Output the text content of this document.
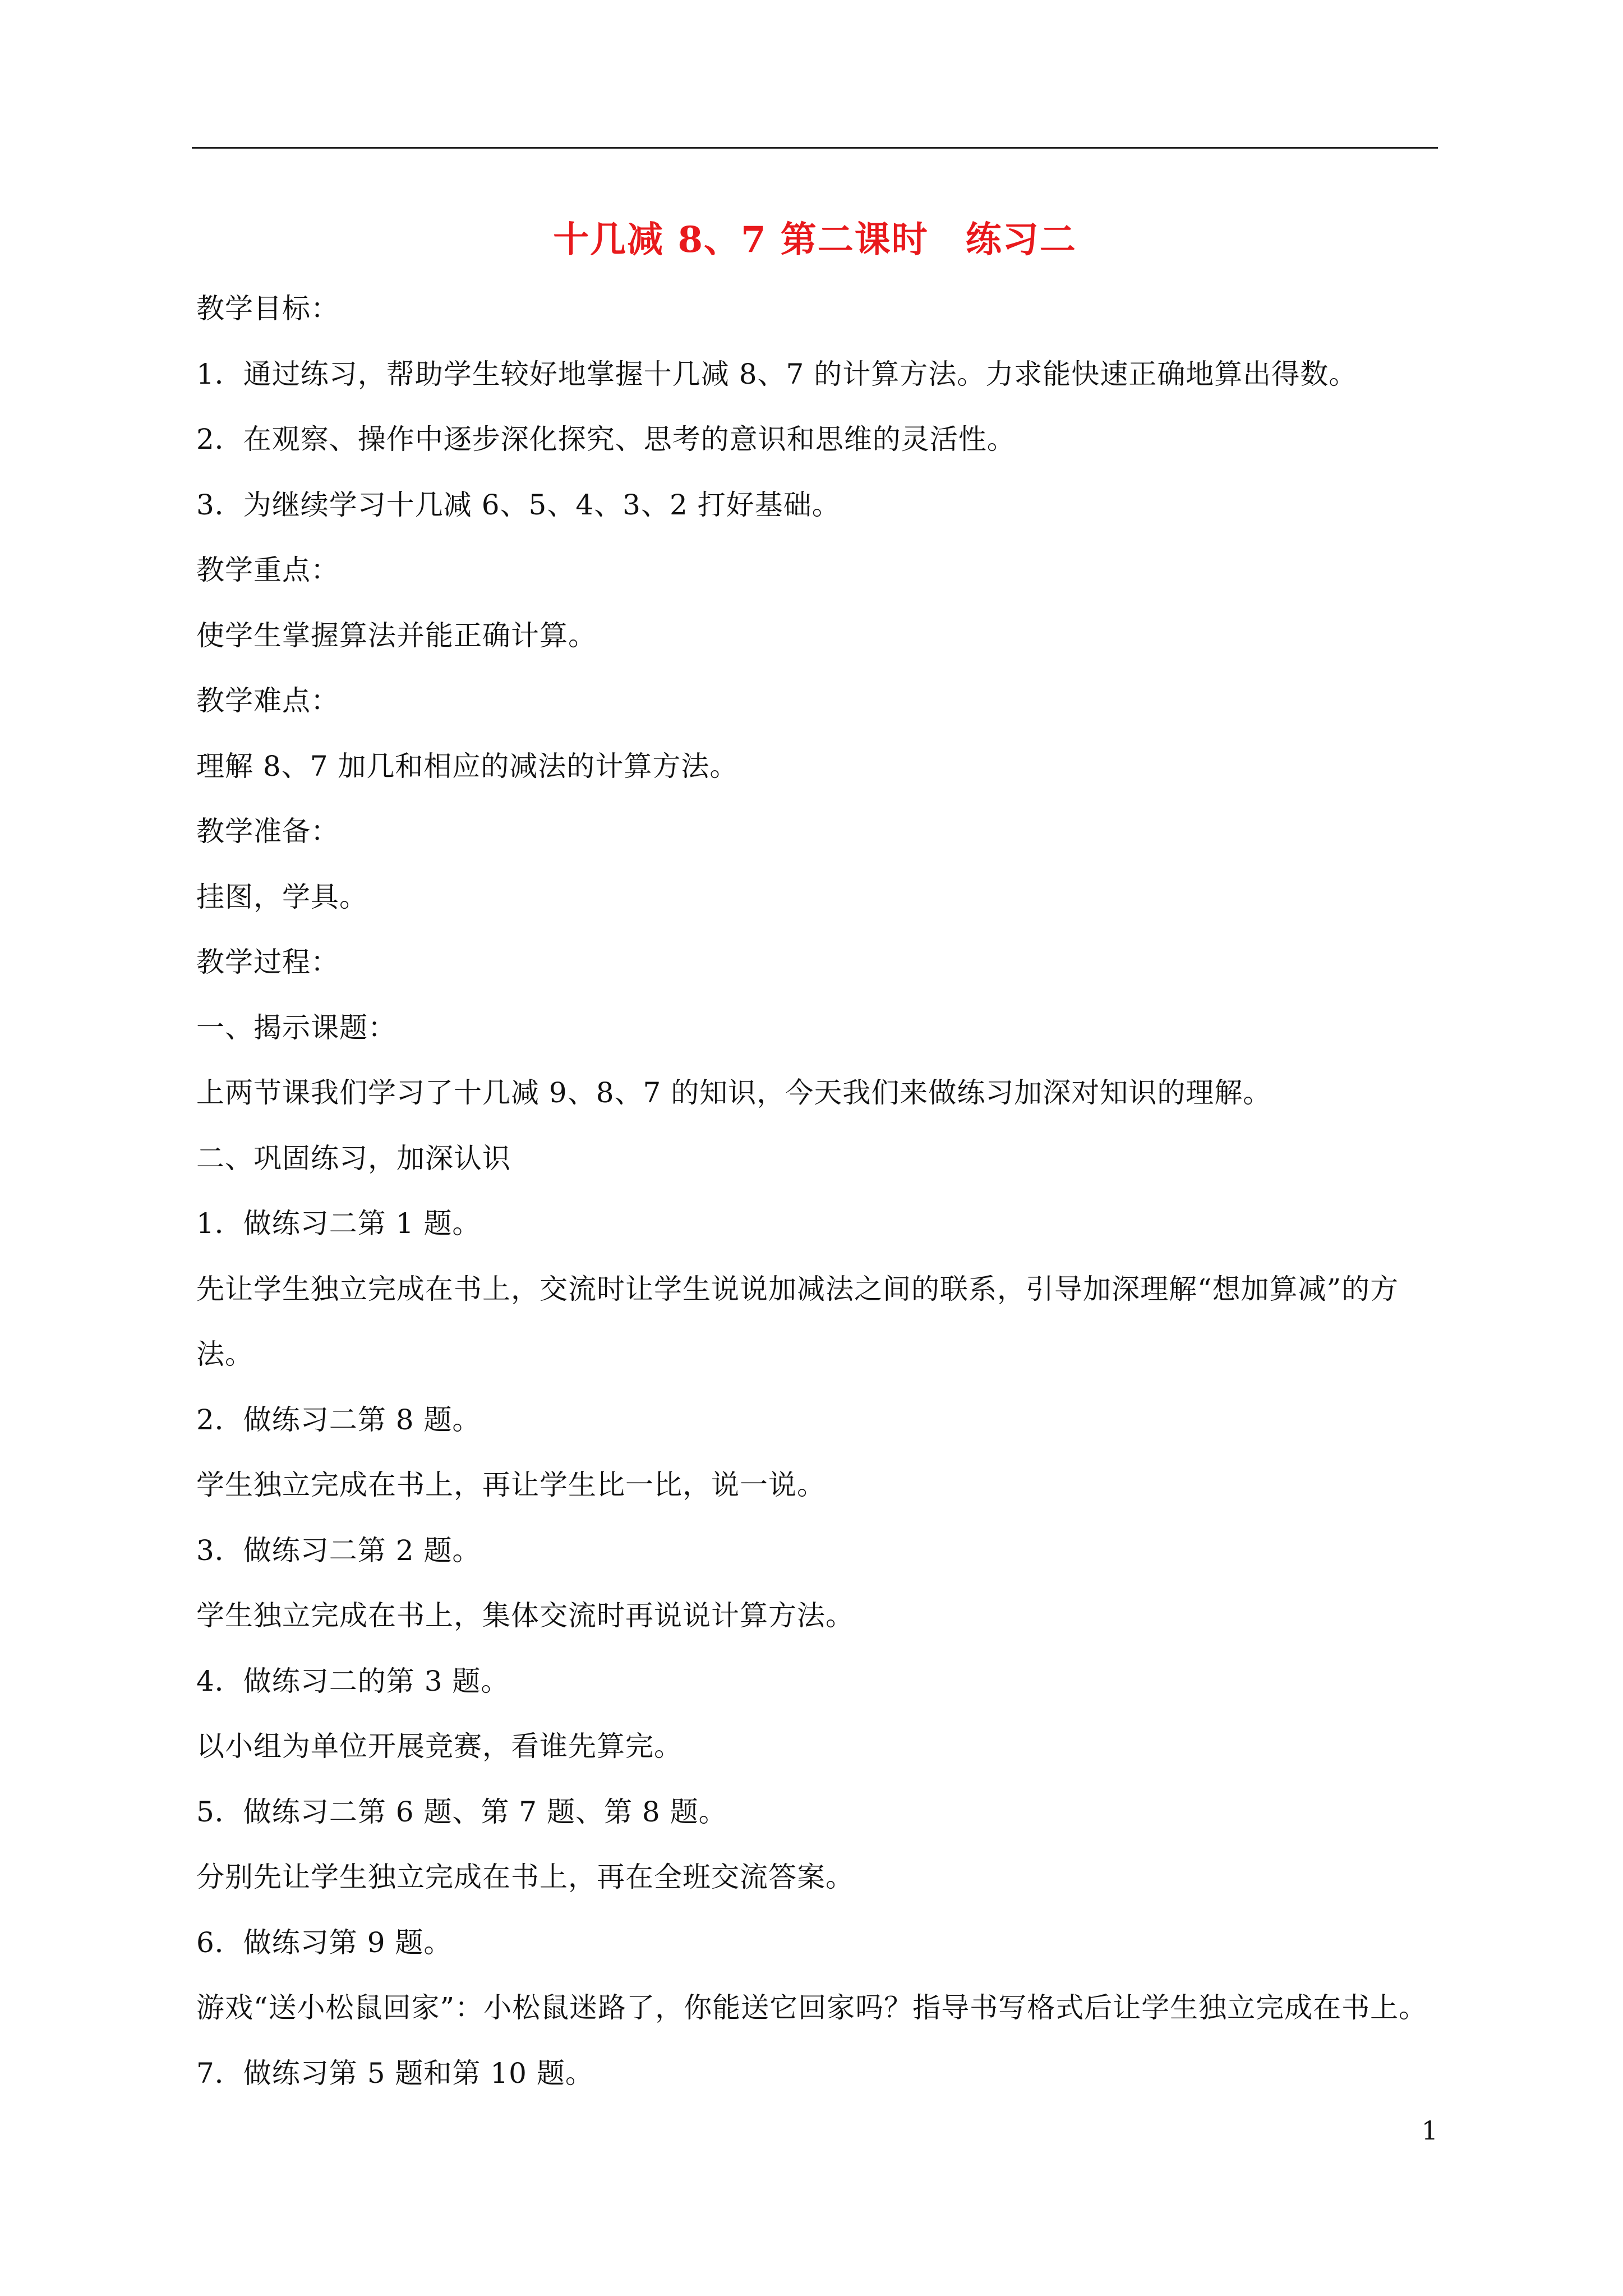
十几减 8、7 第二课时　练习二
教学目标：
1．通过练习，帮助学生较好地掌握十几减 8、7 的计算方法。力求能快速正确地算出得数。
2．在观察、操作中逐步深化探究、思考的意识和思维的灵活性。
3．为继续学习十几减 6、5、4、3、2 打好基础。
教学重点：
使学生掌握算法并能正确计算。
教学难点：
理解 8、7 加几和相应的减法的计算方法。
教学准备：
挂图，学具。
教学过程：
一、揭示课题：
上两节课我们学习了十几减 9、8、7 的知识，今天我们来做练习加深对知识的理解。
二、巩固练习，加深认识
1．做练习二第 1 题。
先让学生独立完成在书上，交流时让学生说说加减法之间的联系，引导加深理解“想加算减”的方
法。
2．做练习二第 8 题。
学生独立完成在书上，再让学生比一比，说一说。
3．做练习二第 2 题。
学生独立完成在书上，集体交流时再说说计算方法。
4．做练习二的第 3 题。
以小组为单位开展竞赛，看谁先算完。
5．做练习二第 6 题、第 7 题、第 8 题。
分别先让学生独立完成在书上，再在全班交流答案。
6．做练习第 9 题。
游戏“送小松鼠回家”：小松鼠迷路了，你能送它回家吗？指导书写格式后让学生独立完成在书上。
7．做练习第 5 题和第 10 题。
1
